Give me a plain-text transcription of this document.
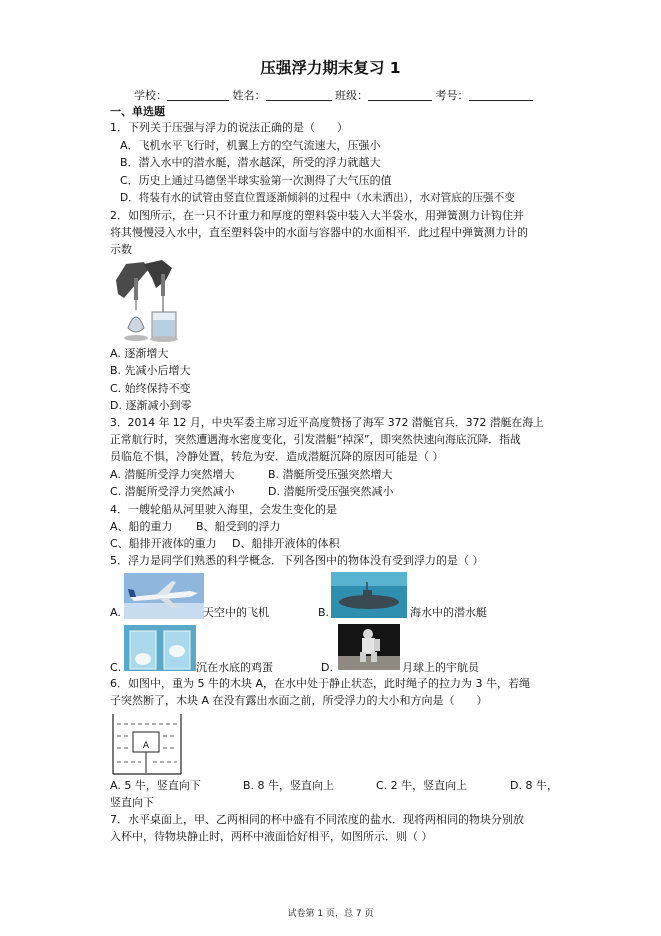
压强浮力期末复习 1
学校：	姓名：	班级：	考号：
一、单选题
1．下列关于压强与浮力的说法正确的是（　　）
A．飞机水平飞行时，机翼上方的空气流速大，压强小
B．潜入水中的潜水艇，潜水越深，所受的浮力就越大
C．历史上通过马德堡半球实验第一次测得了大气压的值
D．将装有水的试管由竖直位置逐渐倾斜的过程中（水未洒出），水对管底的压强不变
2．如图所示，在一只不计重力和厚度的塑料袋中装入大半袋水，用弹簧测力计钩住并
将其慢慢浸入水中，直至塑料袋中的水面与容器中的水面相平．此过程中弹簧测力计的
示数
A. 逐渐增大
B. 先减小后增大
C. 始终保持不变
D. 逐渐减小到零
3．2014 年 12 月，中央军委主席习近平高度赞扬了海军 372 潜艇官兵．372 潜艇在海上
正常航行时，突然遭遇海水密度变化，引发潜艇“掉深”，即突然快速向海底沉降．指战
员临危不惧，冷静处置，转危为安．造成潜艇沉降的原因可能是（ ）
A. 潜艇所受浮力突然增大	B. 潜艇所受压强突然增大
C. 潜艇所受浮力突然减小	D. 潜艇所受压强突然减小
4．一艘轮船从河里驶入海里，会发生变化的是
A、船的重力 B、船受到的浮力
C、船排开液体的重力 D、船排开液体的体积
5．浮力是同学们熟悉的科学概念．下列各图中的物体没有受到浮力的是（ ）
A.	天空中的飞机	B.	海水中的潜水艇
C.	沉在水底的鸡蛋	D.	月球上的宇航员
6．如图中，重为 5 牛的木块 A，在水中处于静止状态，此时绳子的拉力为 3 牛，若绳
子突然断了，木块 A 在没有露出水面之前，所受浮力的大小和方向是（　　）
A
A. 5 牛，竖直向下	B. 8 牛，竖直向上	C. 2 牛，竖直向上	D. 8 牛，
竖直向下
7．水平桌面上，甲、乙两相同的杯中盛有不同浓度的盐水．现将两相同的物块分别放
入杯中，待物块静止时，两杯中液面恰好相平，如图所示．则（ ）
试卷第 1 页，总 7 页
